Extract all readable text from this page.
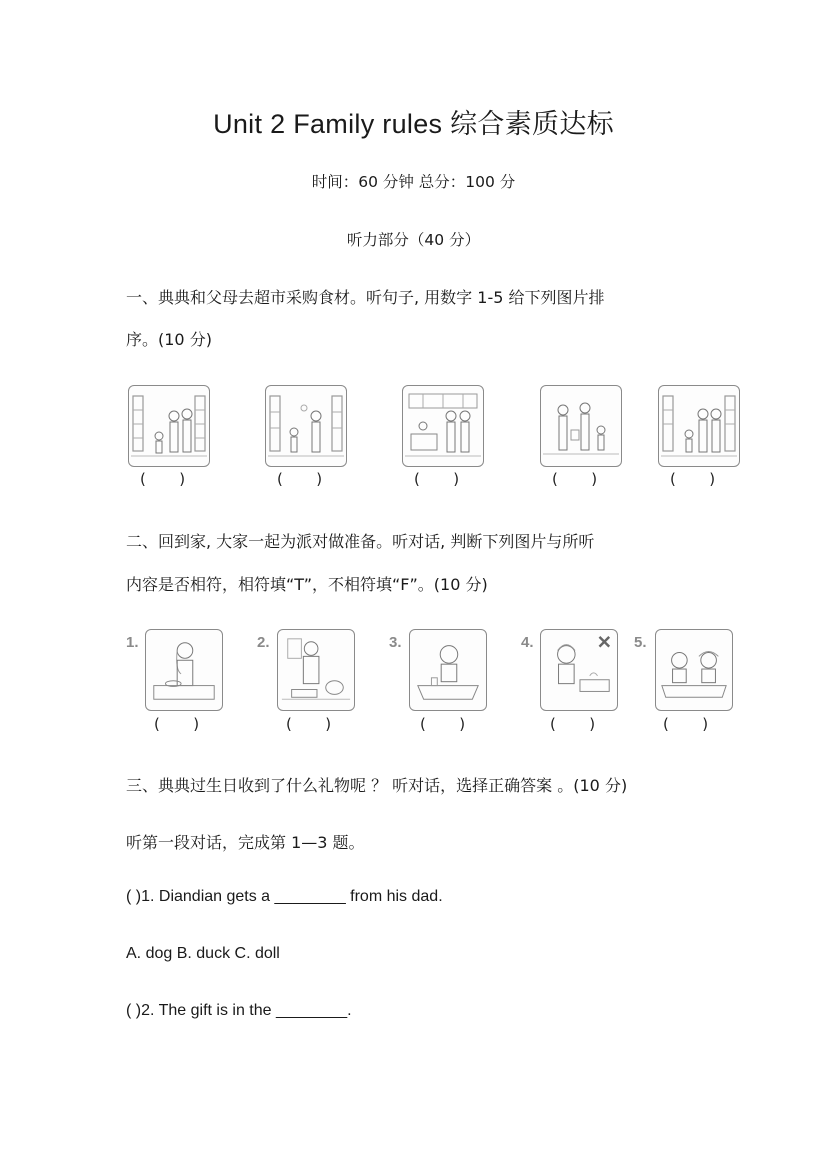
Unit 2 Family rules 综合素质达标
时间：60 分钟 总分：100 分
听力部分（40 分）
一、典典和父母去超市采购食材。听句子, 用数字 1-5 给下列图片排
序。(10 分)
(       )	(       )	(       )	(       )	(       )
二、回到家, 大家一起为派对做准备。听对话, 判断下列图片与所听
内容是否相符，相符填“T”，不相符填“F”。(10 分)
1.
(       )
2.
(       )
3.
(       )
4.
(       )
5.
(       )
三、典典过生日收到了什么礼物呢 ？ 听对话，选择正确答案 。(10 分)
听第一段对话，完成第 1—3 题。
( )1. Diandian gets a ________ from his dad.
A. dog B. duck C. doll
( )2. The gift is in the ________.
